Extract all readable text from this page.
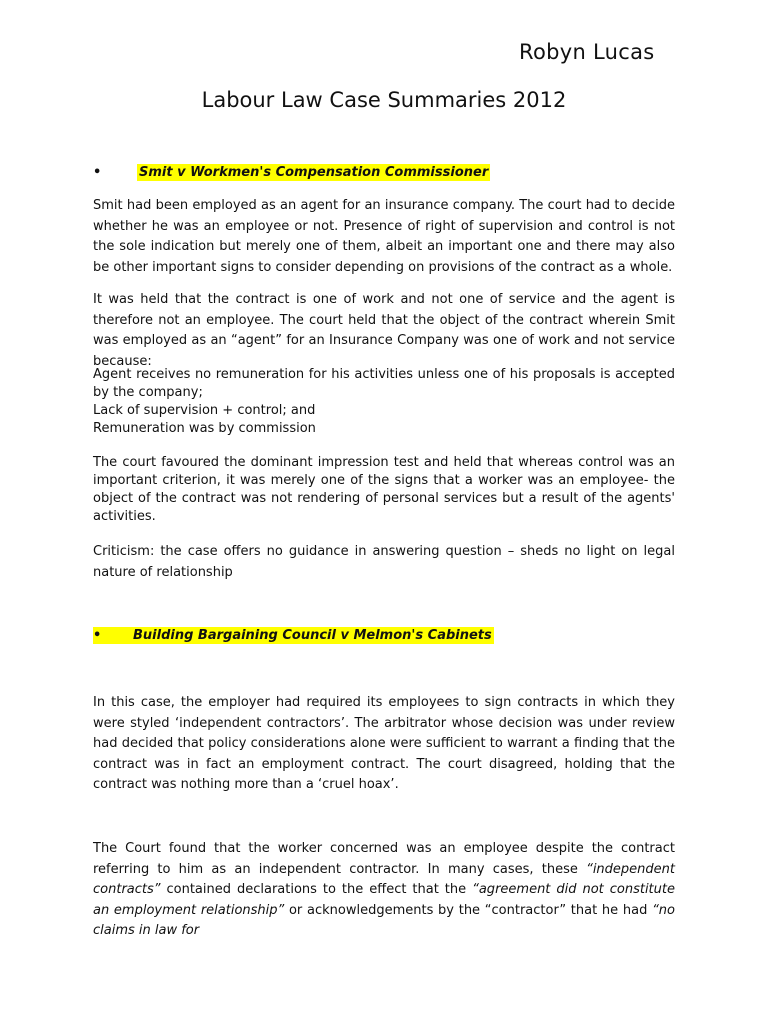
Robyn Lucas
Labour Law Case Summaries 2012
•	Smit v Workmen's Compensation Commissioner
Smit had been employed as an agent for an insurance company. The court had to decide whether he was an employee or not. Presence of right of supervision and control is not the sole indication but merely one of them, albeit an important one and there may also be other important signs to consider depending on provisions of the contract as a whole.
It was held that the contract is one of work and not one of service and the agent is therefore not an employee. The court held that the object of the contract wherein Smit was employed as an “agent” for an Insurance Company was one of work and not service because:

Agent receives no remuneration for his activities unless one of his proposals is accepted by the company;

Lack of supervision + control; and

Remuneration was by commission

The court favoured the dominant impression test and held that whereas control was an important criterion, it was merely one of the signs that a worker was an employee- the object of the contract was not rendering of personal services but a result of the agents' activities.
Criticism: the case offers no guidance in answering question – sheds no light on legal nature of relationship
• Building Bargaining Council v Melmon's Cabinets
In this case, the employer had required its employees to sign contracts in which they were styled ‘independent contractors’. The arbitrator whose decision was under review had decided that policy considerations alone were sufficient to warrant a finding that the contract was in fact an employment contract. The court disagreed, holding that the contract was nothing more than a ‘cruel hoax’.
The Court found that the worker concerned was an employee despite the contract referring to him as an independent contractor. In many cases, these “independent contracts” contained declarations to the effect that the “agreement did not constitute an employment relationship” or acknowledgements by the “contractor” that he had “no claims in law for
